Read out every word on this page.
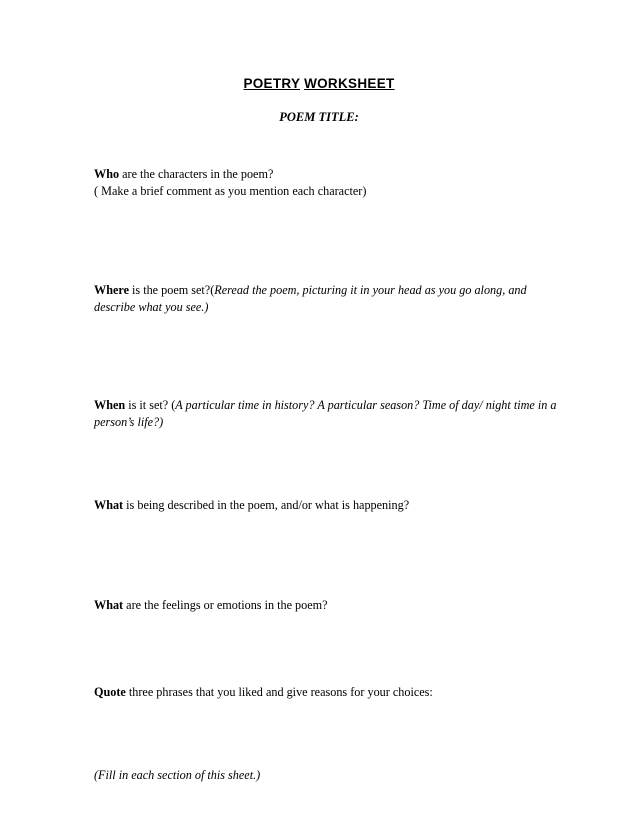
POETRY WORKSHEET
POEM TITLE:
Who are the characters in the poem?
( Make a brief comment as you mention each character)
Where is the poem set?(Reread the poem, picturing it in your head as you go along, and describe what you see.)
When is it set? (A particular time in history? A particular season? Time of day/ night time in a person’s life?)
What is being described in the poem, and/or what is happening?
What are the feelings or emotions in the poem?
Quote three phrases that you liked and give reasons for your choices:
(Fill in each section of this sheet.)
